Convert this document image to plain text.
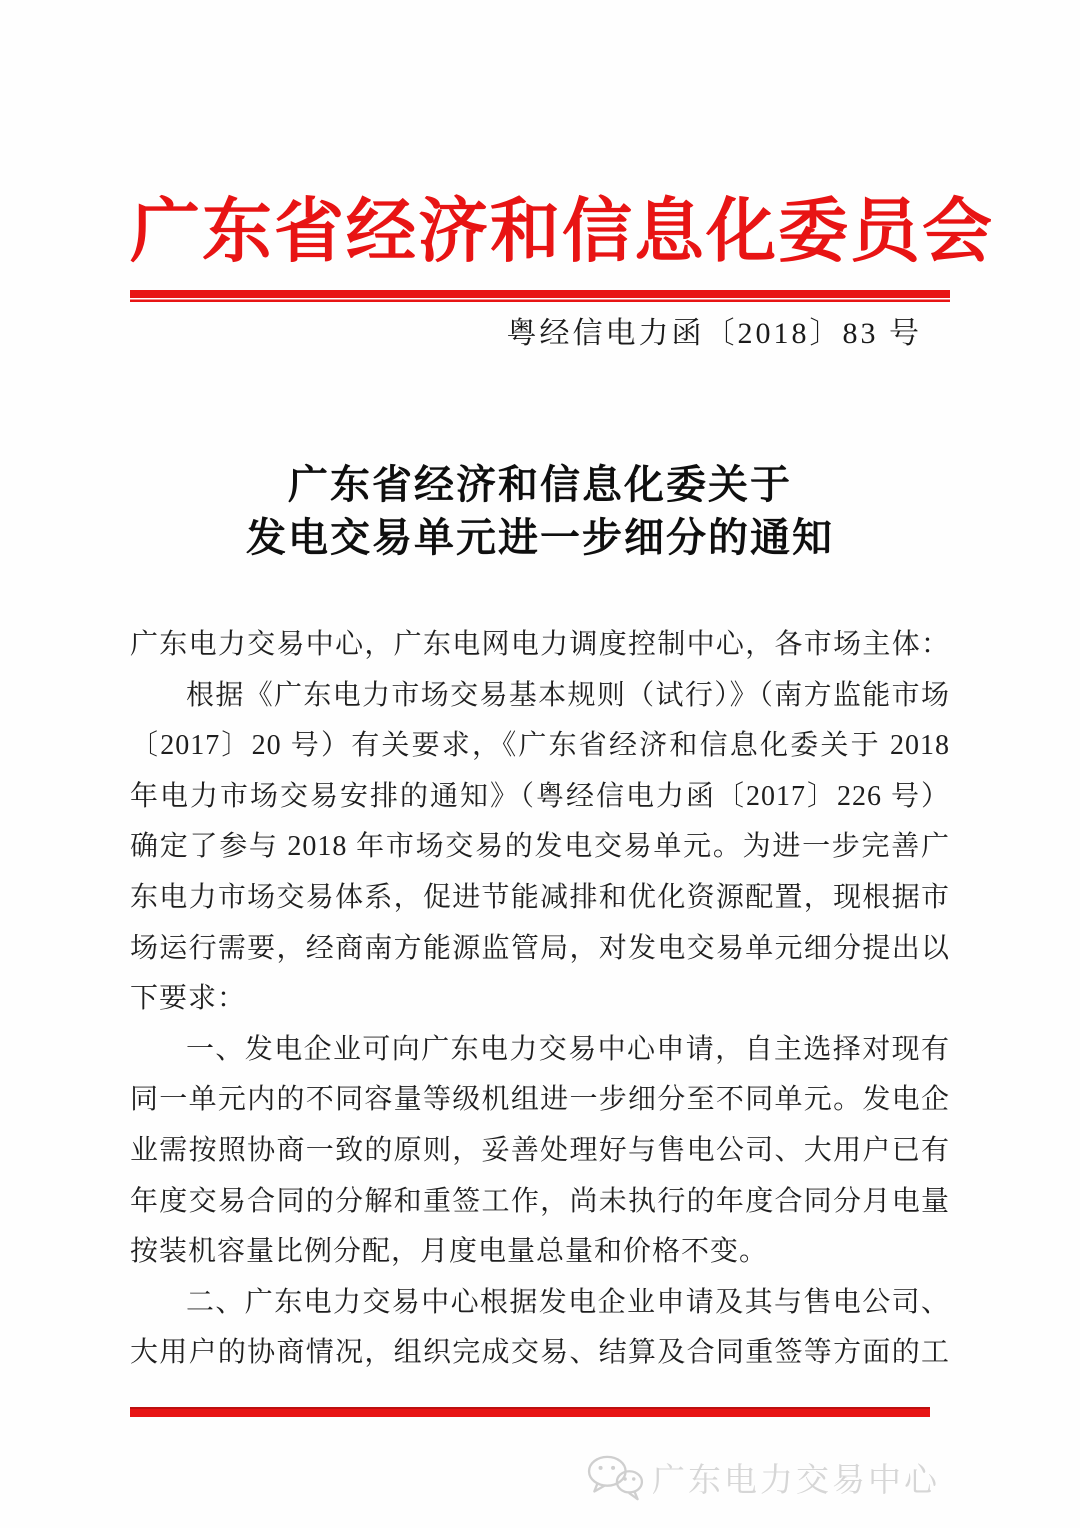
广东省经济和信息化委员会
粤经信电力函〔2018〕83 号
广东省经济和信息化委关于
发电交易单元进一步细分的通知
广东电力交易中心，广东电网电力调度控制中心，各市场主体：
根据《广东电力市场交易基本规则（试行）》（南方监能市场
〔2017〕20 号）有关要求，《广东省经济和信息化委关于 2018
年电力市场交易安排的通知》（粤经信电力函〔2017〕226 号）
确定了参与 2018 年市场交易的发电交易单元。为进一步完善广
东电力市场交易体系，促进节能减排和优化资源配置，现根据市
场运行需要，经商南方能源监管局，对发电交易单元细分提出以
下要求：
一、发电企业可向广东电力交易中心申请，自主选择对现有
同一单元内的不同容量等级机组进一步细分至不同单元。发电企
业需按照协商一致的原则，妥善处理好与售电公司、大用户已有
年度交易合同的分解和重签工作，尚未执行的年度合同分月电量
按装机容量比例分配，月度电量总量和价格不变。
二、广东电力交易中心根据发电企业申请及其与售电公司、
大用户的协商情况，组织完成交易、结算及合同重签等方面的工
广东电力交易中心
